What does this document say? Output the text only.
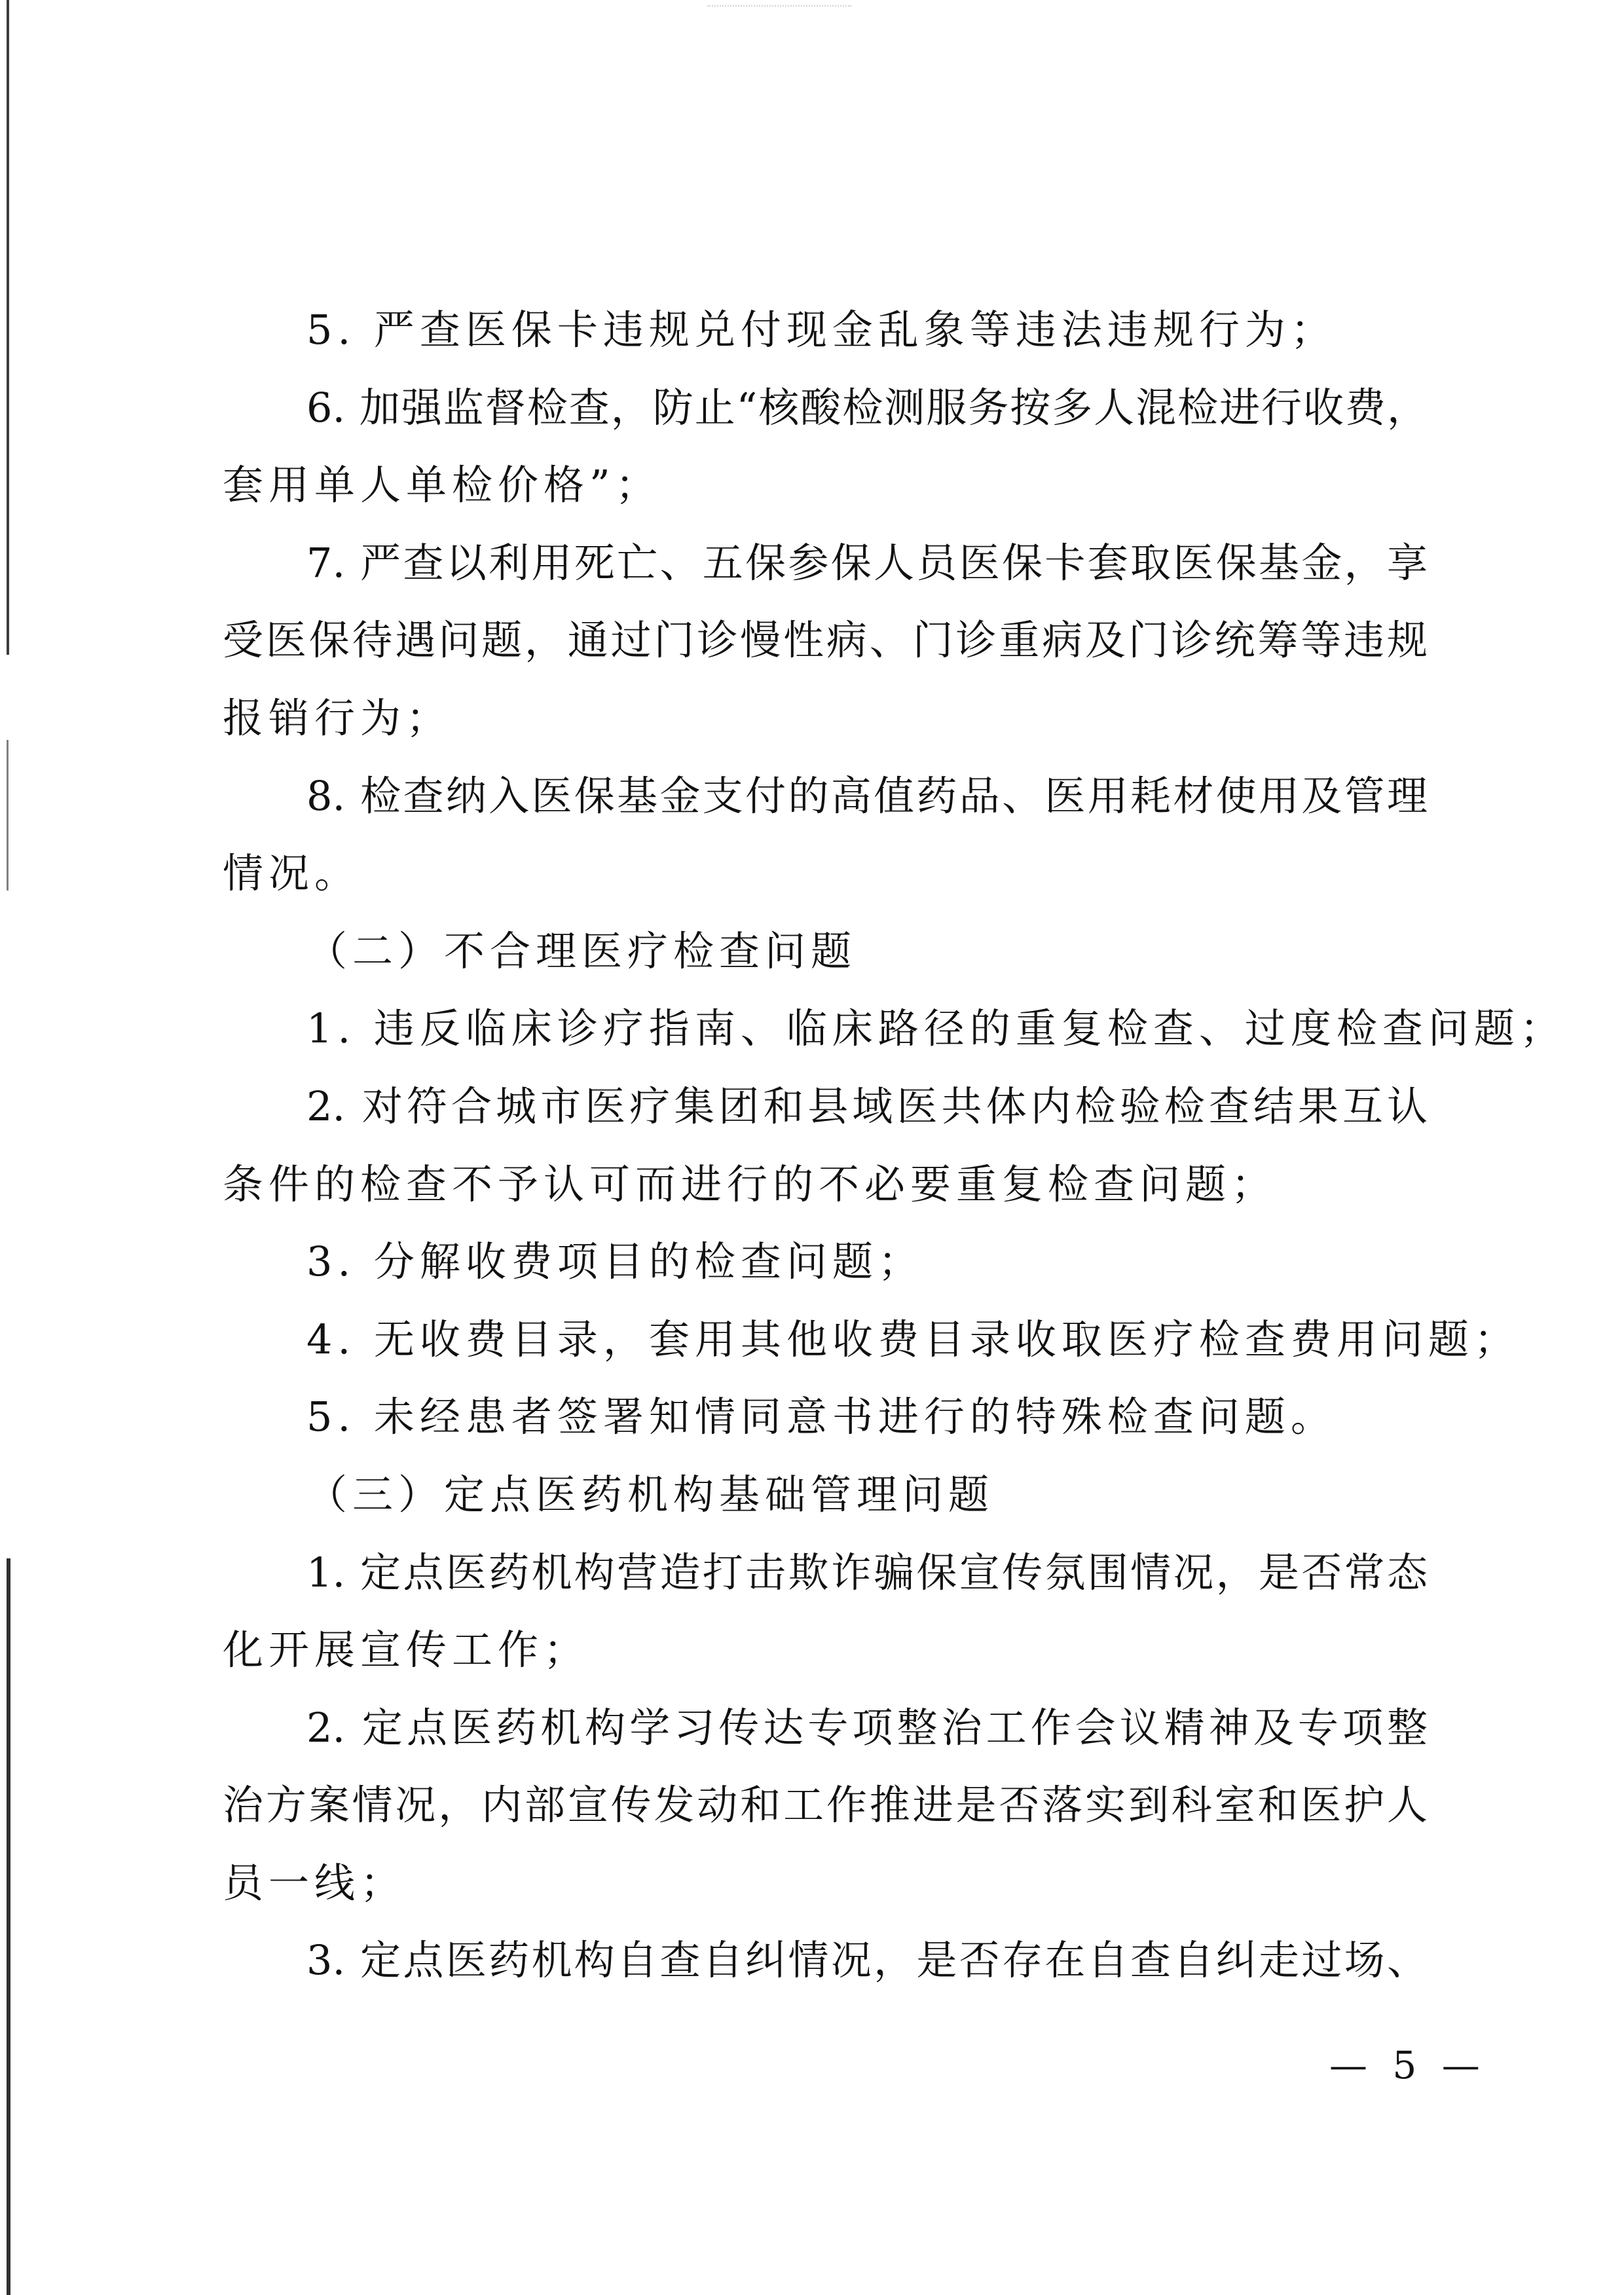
5. 严查医保卡违规兑付现金乱象等违法违规行为；
6. 加强监督检查，防止“核酸检测服务按多人混检进行收费，
套用单人单检价格”；
7. 严查以利用死亡、五保参保人员医保卡套取医保基金，享
受医保待遇问题，通过门诊慢性病、门诊重病及门诊统筹等违规
报销行为；
8. 检查纳入医保基金支付的高值药品、医用耗材使用及管理
情况。
（二）不合理医疗检查问题
1. 违反临床诊疗指南、临床路径的重复检查、过度检查问题；
2. 对符合城市医疗集团和县域医共体内检验检查结果互认
条件的检查不予认可而进行的不必要重复检查问题；
3. 分解收费项目的检查问题；
4. 无收费目录，套用其他收费目录收取医疗检查费用问题；
5. 未经患者签署知情同意书进行的特殊检查问题。
（三）定点医药机构基础管理问题
1. 定点医药机构营造打击欺诈骗保宣传氛围情况，是否常态
化开展宣传工作；
2. 定点医药机构学习传达专项整治工作会议精神及专项整
治方案情况，内部宣传发动和工作推进是否落实到科室和医护人
员一线；
3. 定点医药机构自查自纠情况，是否存在自查自纠走过场、
— 5 —
